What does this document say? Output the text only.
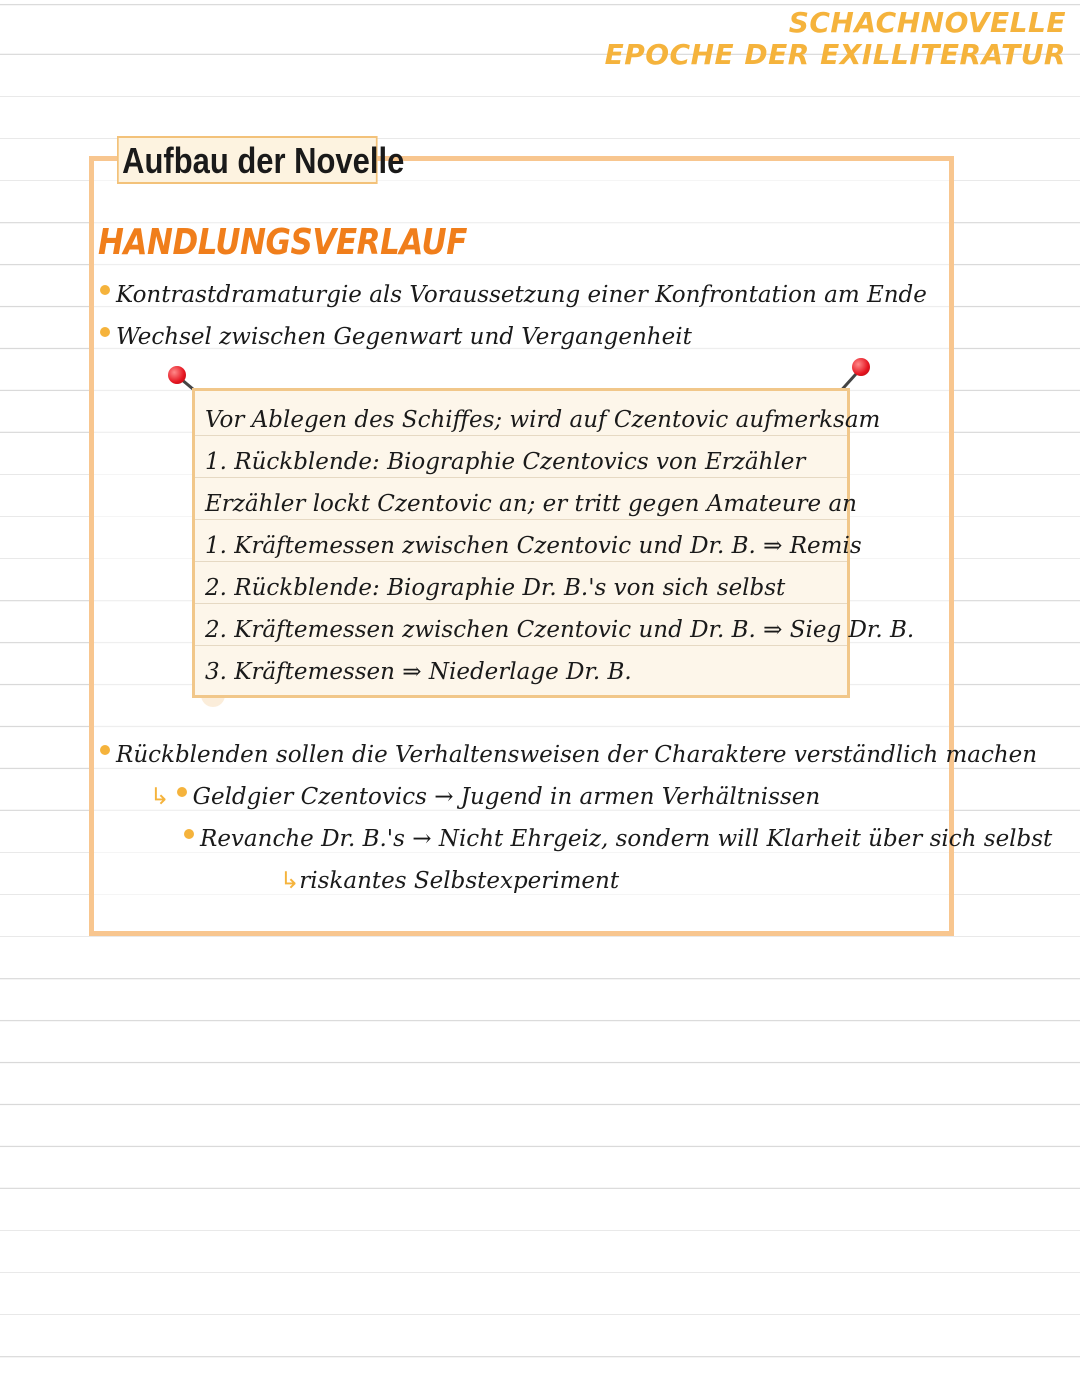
SCHACHNOVELLE
EPOCHE DER EXILLITERATUR
Aufbau der Novelle
HANDLUNGSVERLAUF
Kontrastdramaturgie als Voraussetzung einer Konfrontation am Ende
Wechsel zwischen Gegenwart und Vergangenheit
Vor Ablegen des Schiffes; wird auf Czentovic aufmerksam
1. Rückblende: Biographie Czentovics von Erzähler
Erzähler lockt Czentovic an; er tritt gegen Amateure an
1. Kräftemessen zwischen Czentovic und Dr. B. ⇒ Remis
2. Rückblende: Biographie Dr. B.'s von sich selbst
2. Kräftemessen zwischen Czentovic und Dr. B. ⇒ Sieg Dr. B.
3. Kräftemessen ⇒ Niederlage Dr. B.
Rückblenden sollen die Verhaltensweisen der Charaktere verständlich machen
↳ Geldgier Czentovics → Jugend in armen Verhältnissen
Revanche Dr. B.'s → Nicht Ehrgeiz, sondern will Klarheit über sich selbst
↳riskantes Selbstexperiment
